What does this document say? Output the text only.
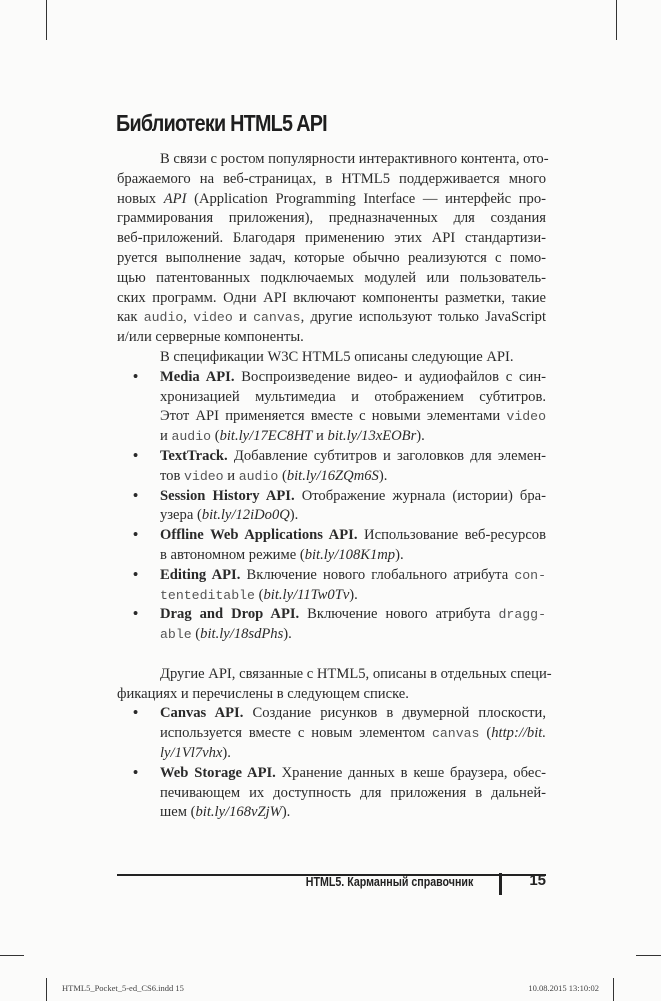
Библиотеки HTML5 API
В связи с ростом популярности интерактивного контента, ото-
бражаемого на веб-страницах, в HTML5 поддерживается много
новых API (Application Programming Interface — интерфейс про-
граммирования приложения), предназначенных для создания
веб-приложений. Благодаря применению этих API стандартизи-
руется выполнение задач, которые обычно реализуются с помо-
щью патентованных подключаемых модулей или пользователь-
ских программ. Одни API включают компоненты разметки, такие
как audio, video и canvas, другие используют только JavaScript
и/или серверные компоненты.
В спецификации W3C HTML5 описаны следующие API.
• Media API. Воспроизведение видео- и аудиофайлов с син-
хронизацией мультимедиа и отображением субтитров.
Этот API применяется вместе с новыми элементами video
и audio (bit.ly/17EC8HT и bit.ly/13xEOBr).
• TextTrack. Добавление субтитров и заголовков для элемен-
тов video и audio (bit.ly/16ZQm6S).
• Session History API. Отображение журнала (истории) бра-
узера (bit.ly/12iDo0Q).
• Offline Web Applications API. Использование веб-ресурсов
в автономном режиме (bit.ly/108K1mp).
• Editing API. Включение нового глобального атрибута con-
tenteditable (bit.ly/11Tw0Tv).
• Drag and Drop API. Включение нового атрибута dragg-
able (bit.ly/18sdPhs).
Другие API, связанные с HTML5, описаны в отдельных специ-
фикациях и перечислены в следующем списке.
• Canvas API. Создание рисунков в двумерной плоскости,
используется вместе с новым элементом canvas (http://bit.
ly/1Vl7vhx).
• Web Storage API. Хранение данных в кеше браузера, обес-
печивающем их доступность для приложения в дальней-
шем (bit.ly/168vZjW).
HTML5. Карманный справочник	15
HTML5_Pocket_5-ed_CS6.indd 15	10.08.2015 13:10:02
